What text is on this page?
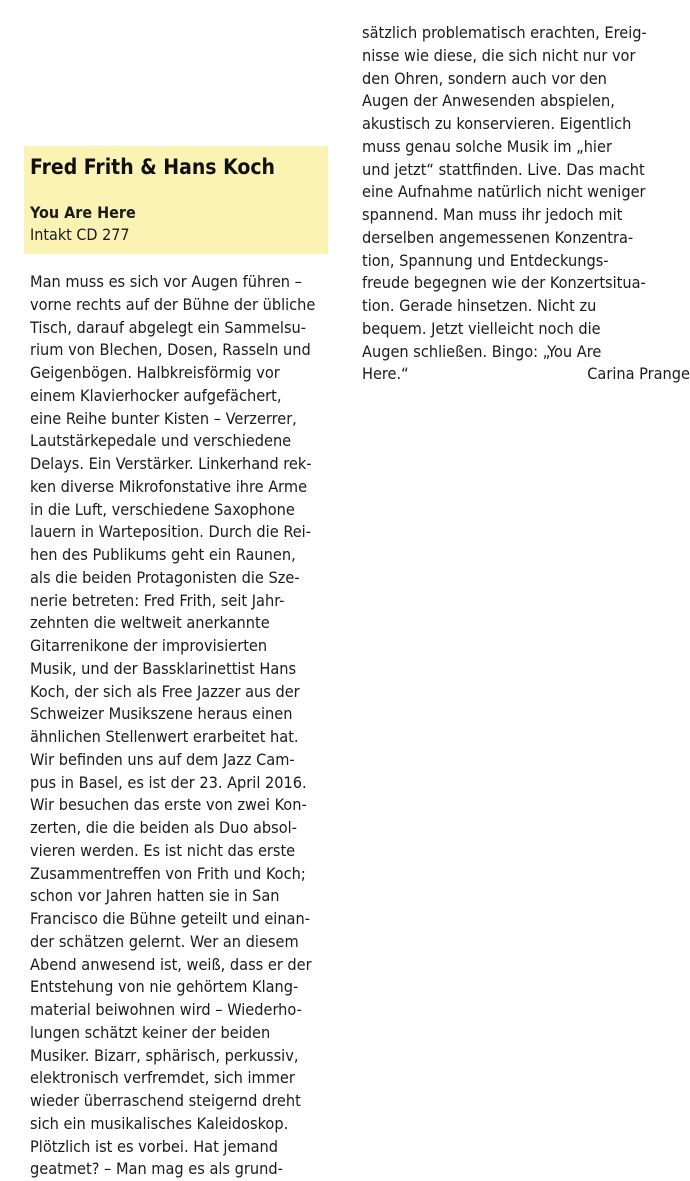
Fred Frith & Hans Koch
You Are Here
Intakt CD 277
Man muss es sich vor Augen führen –
vorne rechts auf der Bühne der übliche
Tisch, darauf abgelegt ein Sammelsu-
rium von Blechen, Dosen, Rasseln und
Geigenbögen. Halbkreisförmig vor
einem Klavierhocker aufgefächert,
eine Reihe bunter Kisten – Verzerrer,
Lautstärkepedale und verschiedene
Delays. Ein Verstärker. Linkerhand rek-
ken diverse Mikrofonstative ihre Arme
in die Luft, verschiedene Saxophone
lauern in Warteposition. Durch die Rei-
hen des Publikums geht ein Raunen,
als die beiden Protagonisten die Sze-
nerie betreten: Fred Frith, seit Jahr-
zehnten die weltweit anerkannte
Gitarrenikone der improvisierten
Musik, und der Bassklarinettist Hans
Koch, der sich als Free Jazzer aus der
Schweizer Musikszene heraus einen
ähnlichen Stellenwert erarbeitet hat.
Wir befinden uns auf dem Jazz Cam-
pus in Basel, es ist der 23. April 2016.
Wir besuchen das erste von zwei Kon-
zerten, die die beiden als Duo absol-
vieren werden. Es ist nicht das erste
Zusammentreffen von Frith und Koch;
schon vor Jahren hatten sie in San
Francisco die Bühne geteilt und einan-
der schätzen gelernt. Wer an diesem
Abend anwesend ist, weiß, dass er der
Entstehung von nie gehörtem Klang-
material beiwohnen wird – Wiederho-
lungen schätzt keiner der beiden
Musiker. Bizarr, sphärisch, perkussiv,
elektronisch verfremdet, sich immer
wieder überraschend steigernd dreht
sich ein musikalisches Kaleidoskop.
Plötzlich ist es vorbei. Hat jemand
geatmet? – Man mag es als grund-
sätzlich problematisch erachten, Ereig-
nisse wie diese, die sich nicht nur vor
den Ohren, sondern auch vor den
Augen der Anwesenden abspielen,
akustisch zu konservieren. Eigentlich
muss genau solche Musik im „hier
und jetzt“ stattfinden. Live. Das macht
eine Aufnahme natürlich nicht weniger
spannend. Man muss ihr jedoch mit
derselben angemessenen Konzentra-
tion, Spannung und Entdeckungs-
freude begegnen wie der Konzertsitua-
tion. Gerade hinsetzen. Nicht zu
bequem. Jetzt vielleicht noch die
Augen schließen. Bingo: „You Are
Here.“	Carina Prange
